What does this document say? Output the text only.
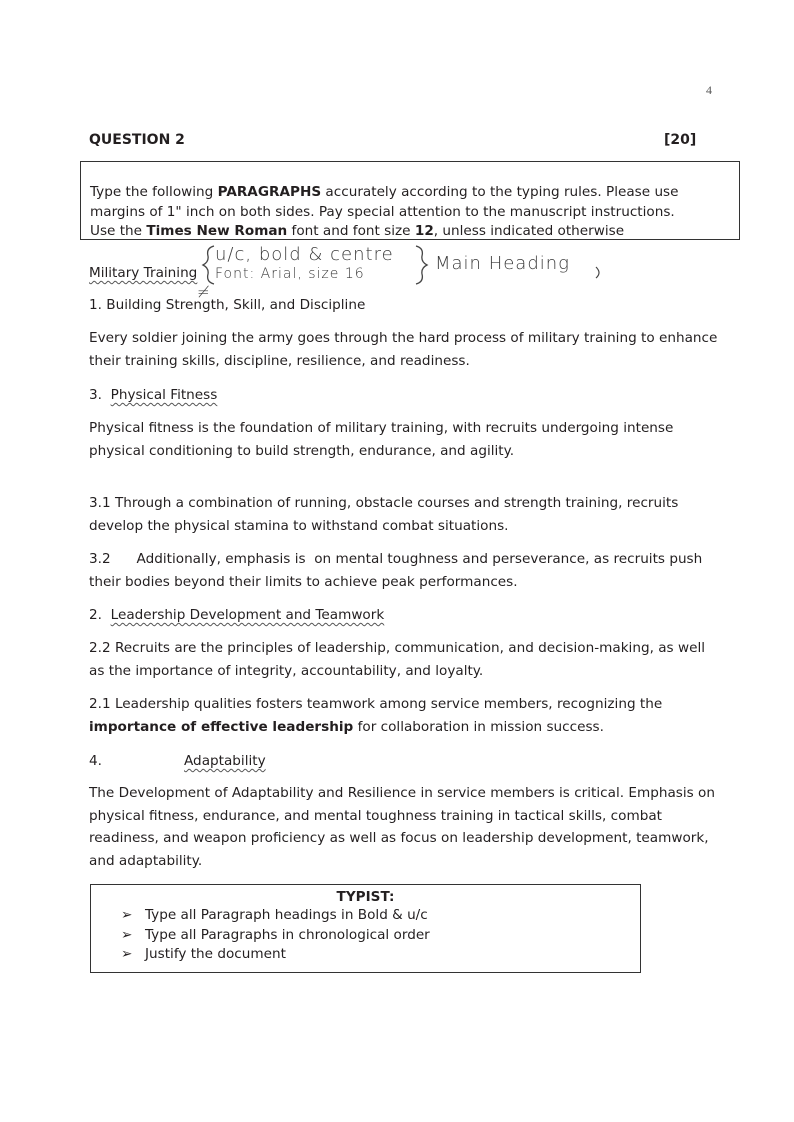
4
QUESTION 2	[20]
Type the following PARAGRAPHS accurately according to the typing rules. Please use margins of 1" inch on both sides. Pay special attention to the manuscript instructions.
Use the Times New Roman font and font size 12, unless indicated otherwise
u/c, bold & centre
Font: Arial, size 16	Main Heading
≠
Military Training
1. Building Strength, Skill, and Discipline
Every soldier joining the army goes through the hard process of military training to enhance their training skills, discipline, resilience, and readiness.
3.  Physical Fitness
Physical fitness is the foundation of military training, with recruits undergoing intense physical conditioning to build strength, endurance, and agility.
3.1 Through a combination of running, obstacle courses and strength training, recruits develop the physical stamina to withstand combat situations.
3.2      Additionally, emphasis is  on mental toughness and perseverance, as recruits push their bodies beyond their limits to achieve peak performances.
2.  Leadership Development and Teamwork
2.2 Recruits are the principles of leadership, communication, and decision-making, as well as the importance of integrity, accountability, and loyalty.
2.1 Leadership qualities fosters teamwork among service members, recognizing the importance of effective leadership for collaboration in mission success.
4.	Adaptability
The Development of Adaptability and Resilience in service members is critical. Emphasis on physical fitness, endurance, and mental toughness training in tactical skills, combat readiness, and weapon proficiency as well as focus on leadership development, teamwork, and adaptability.
TYPIST:
➢ Type all Paragraph headings in Bold & u/c
➢ Type all Paragraphs in chronological order
➢ Justify the document
